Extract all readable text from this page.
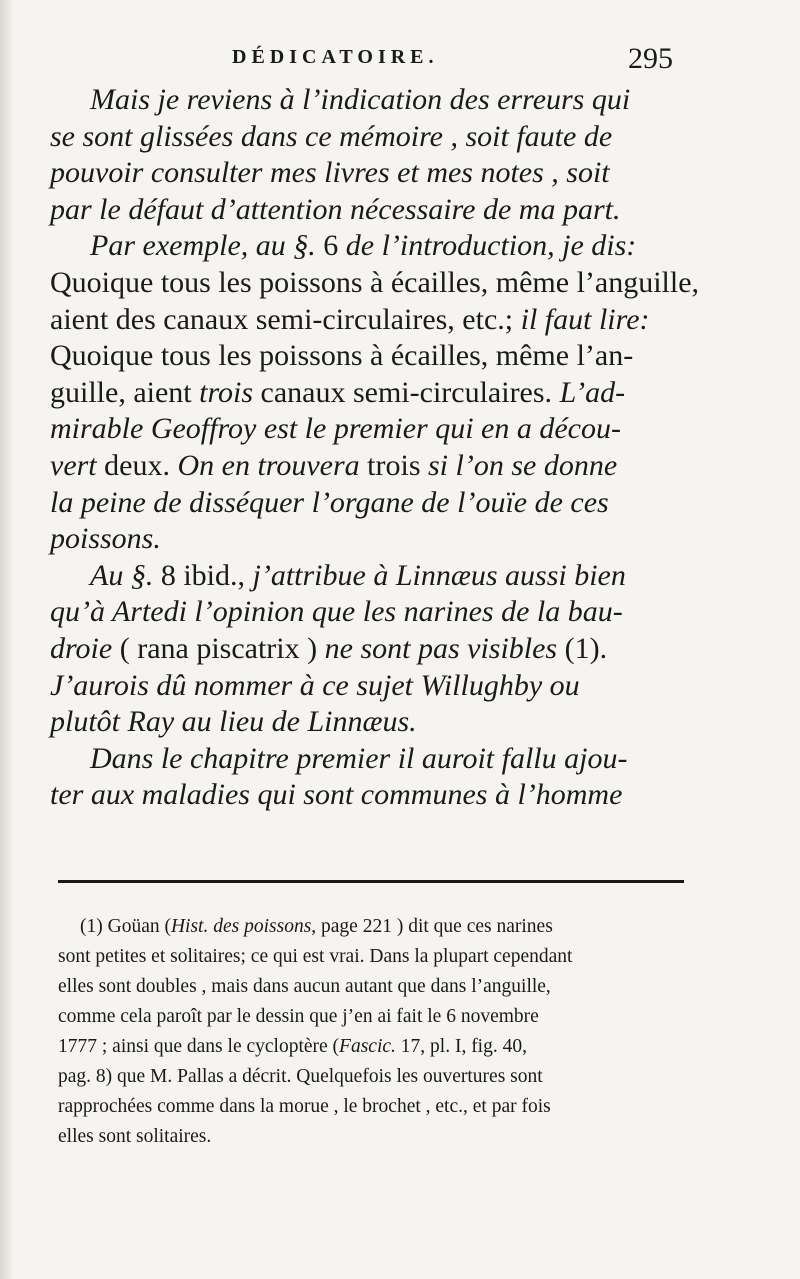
DÉDICATOIRE.	295
Mais je reviens à l’indication des erreurs qui
se sont glissées dans ce mémoire , soit faute de
pouvoir consulter mes livres et mes notes , soit
par le défaut d’attention nécessaire de ma part.
Par exemple, au §. 6 de l’introduction, je dis:
Quoique tous les poissons à écailles, même l’anguille,
aient des canaux semi-circulaires, etc.; il faut lire:
Quoique tous les poissons à écailles, même l’an-
guille, aient trois canaux semi-circulaires. L’ad-
mirable Geoffroy est le premier qui en a décou-
vert deux. On en trouvera trois si l’on se donne
la peine de disséquer l’organe de l’ouïe de ces
poissons.
Au §. 8 ibid., j’attribue à Linnæus aussi bien
qu’à Artedi l’opinion que les narines de la bau-
droie ( rana piscatrix ) ne sont pas visibles (1).
J’aurois dû nommer à ce sujet Willughby ou
plutôt Ray au lieu de Linnæus.
Dans le chapitre premier il auroit fallu ajou-
ter aux maladies qui sont communes à l’homme
(1) Goüan (Hist. des poissons, page 221 ) dit que ces narines
sont petites et solitaires; ce qui est vrai. Dans la plupart cependant
elles sont doubles , mais dans aucun autant que dans l’anguille,
comme cela paroît par le dessin que j’en ai fait le 6 novembre
1777 ; ainsi que dans le cycloptère (Fascic. 17, pl. I, fig. 40,
pag. 8) que M. Pallas a décrit. Quelquefois les ouvertures sont
rapprochées comme dans la morue , le brochet , etc., et par fois
elles sont solitaires.
